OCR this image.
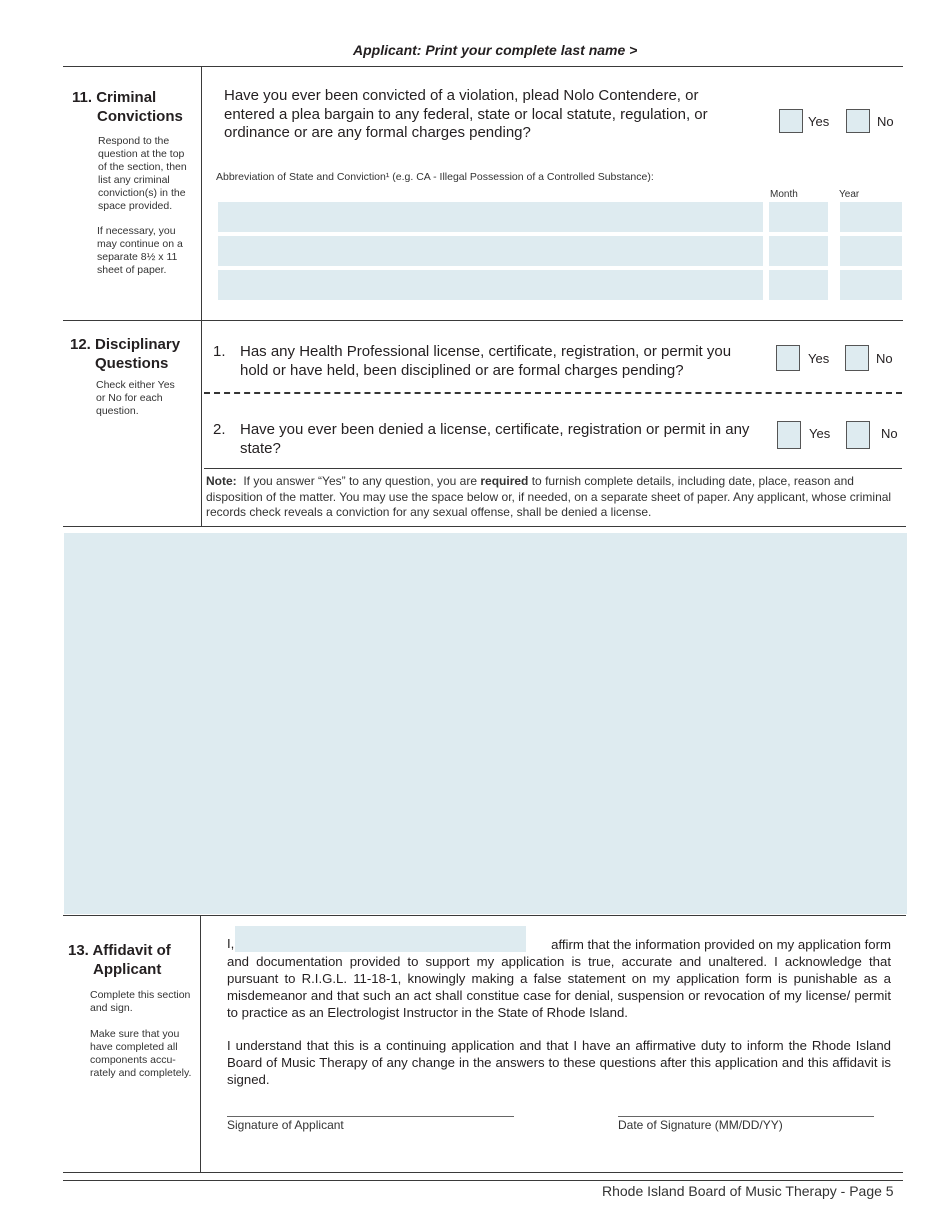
Applicant: Print your complete last name >
11. Criminal
Convictions
Respond to the question at the top of the section, then list any criminal conviction(s) in the space provided.
If necessary, you may continue on a separate 8½ x 11 sheet of paper.
Have you ever been convicted of a violation, plead Nolo Contendere, or entered a plea bargain to any federal, state or local statute, regulation, or ordinance or are any formal charges pending?
Yes	No
Abbreviation of State and Conviction¹ (e.g. CA - Illegal Possession of a Controlled Substance):
Month	Year
12. Disciplinary
Questions
Check either Yes or No for each question.
1. Has any Health Professional license, certificate, registration, or permit you hold or have held, been disciplined or are formal charges pending?
Yes	No
2. Have you ever been denied a license, certificate, registration or permit in any state?
Yes	No
Note:  If you answer “Yes” to any question, you are required to furnish complete details, including date, place, reason and disposition of the matter. You may use the space below or, if needed, on a separate sheet of paper. Any applicant, whose criminal records check reveals a conviction for any sexual offense, shall be denied a license.
13. Affidavit of
Applicant
Complete this section and sign.
Make sure that you have completed all components accu-rately and completely.
I,	affirm that the information provided on my application form
and documentation provided to support my application is true, accurate and unaltered. I acknowledge that pursuant to R.I.G.L. 11-18-1, knowingly making a false statement on my application form is punishable as a misdemeanor and that such an act shall constitue case for denial, suspension or revocation of my license/ permit to practice as an Electrologist Instructor in the State of Rhode Island.
I understand that this is a continuing application and that I have an affirmative duty to inform the Rhode Island Board of Music Therapy of any change in the answers to these questions after this application and this affidavit is signed.
Signature of Applicant	Date of Signature (MM/DD/YY)
Rhode Island Board of Music Therapy - Page 5
